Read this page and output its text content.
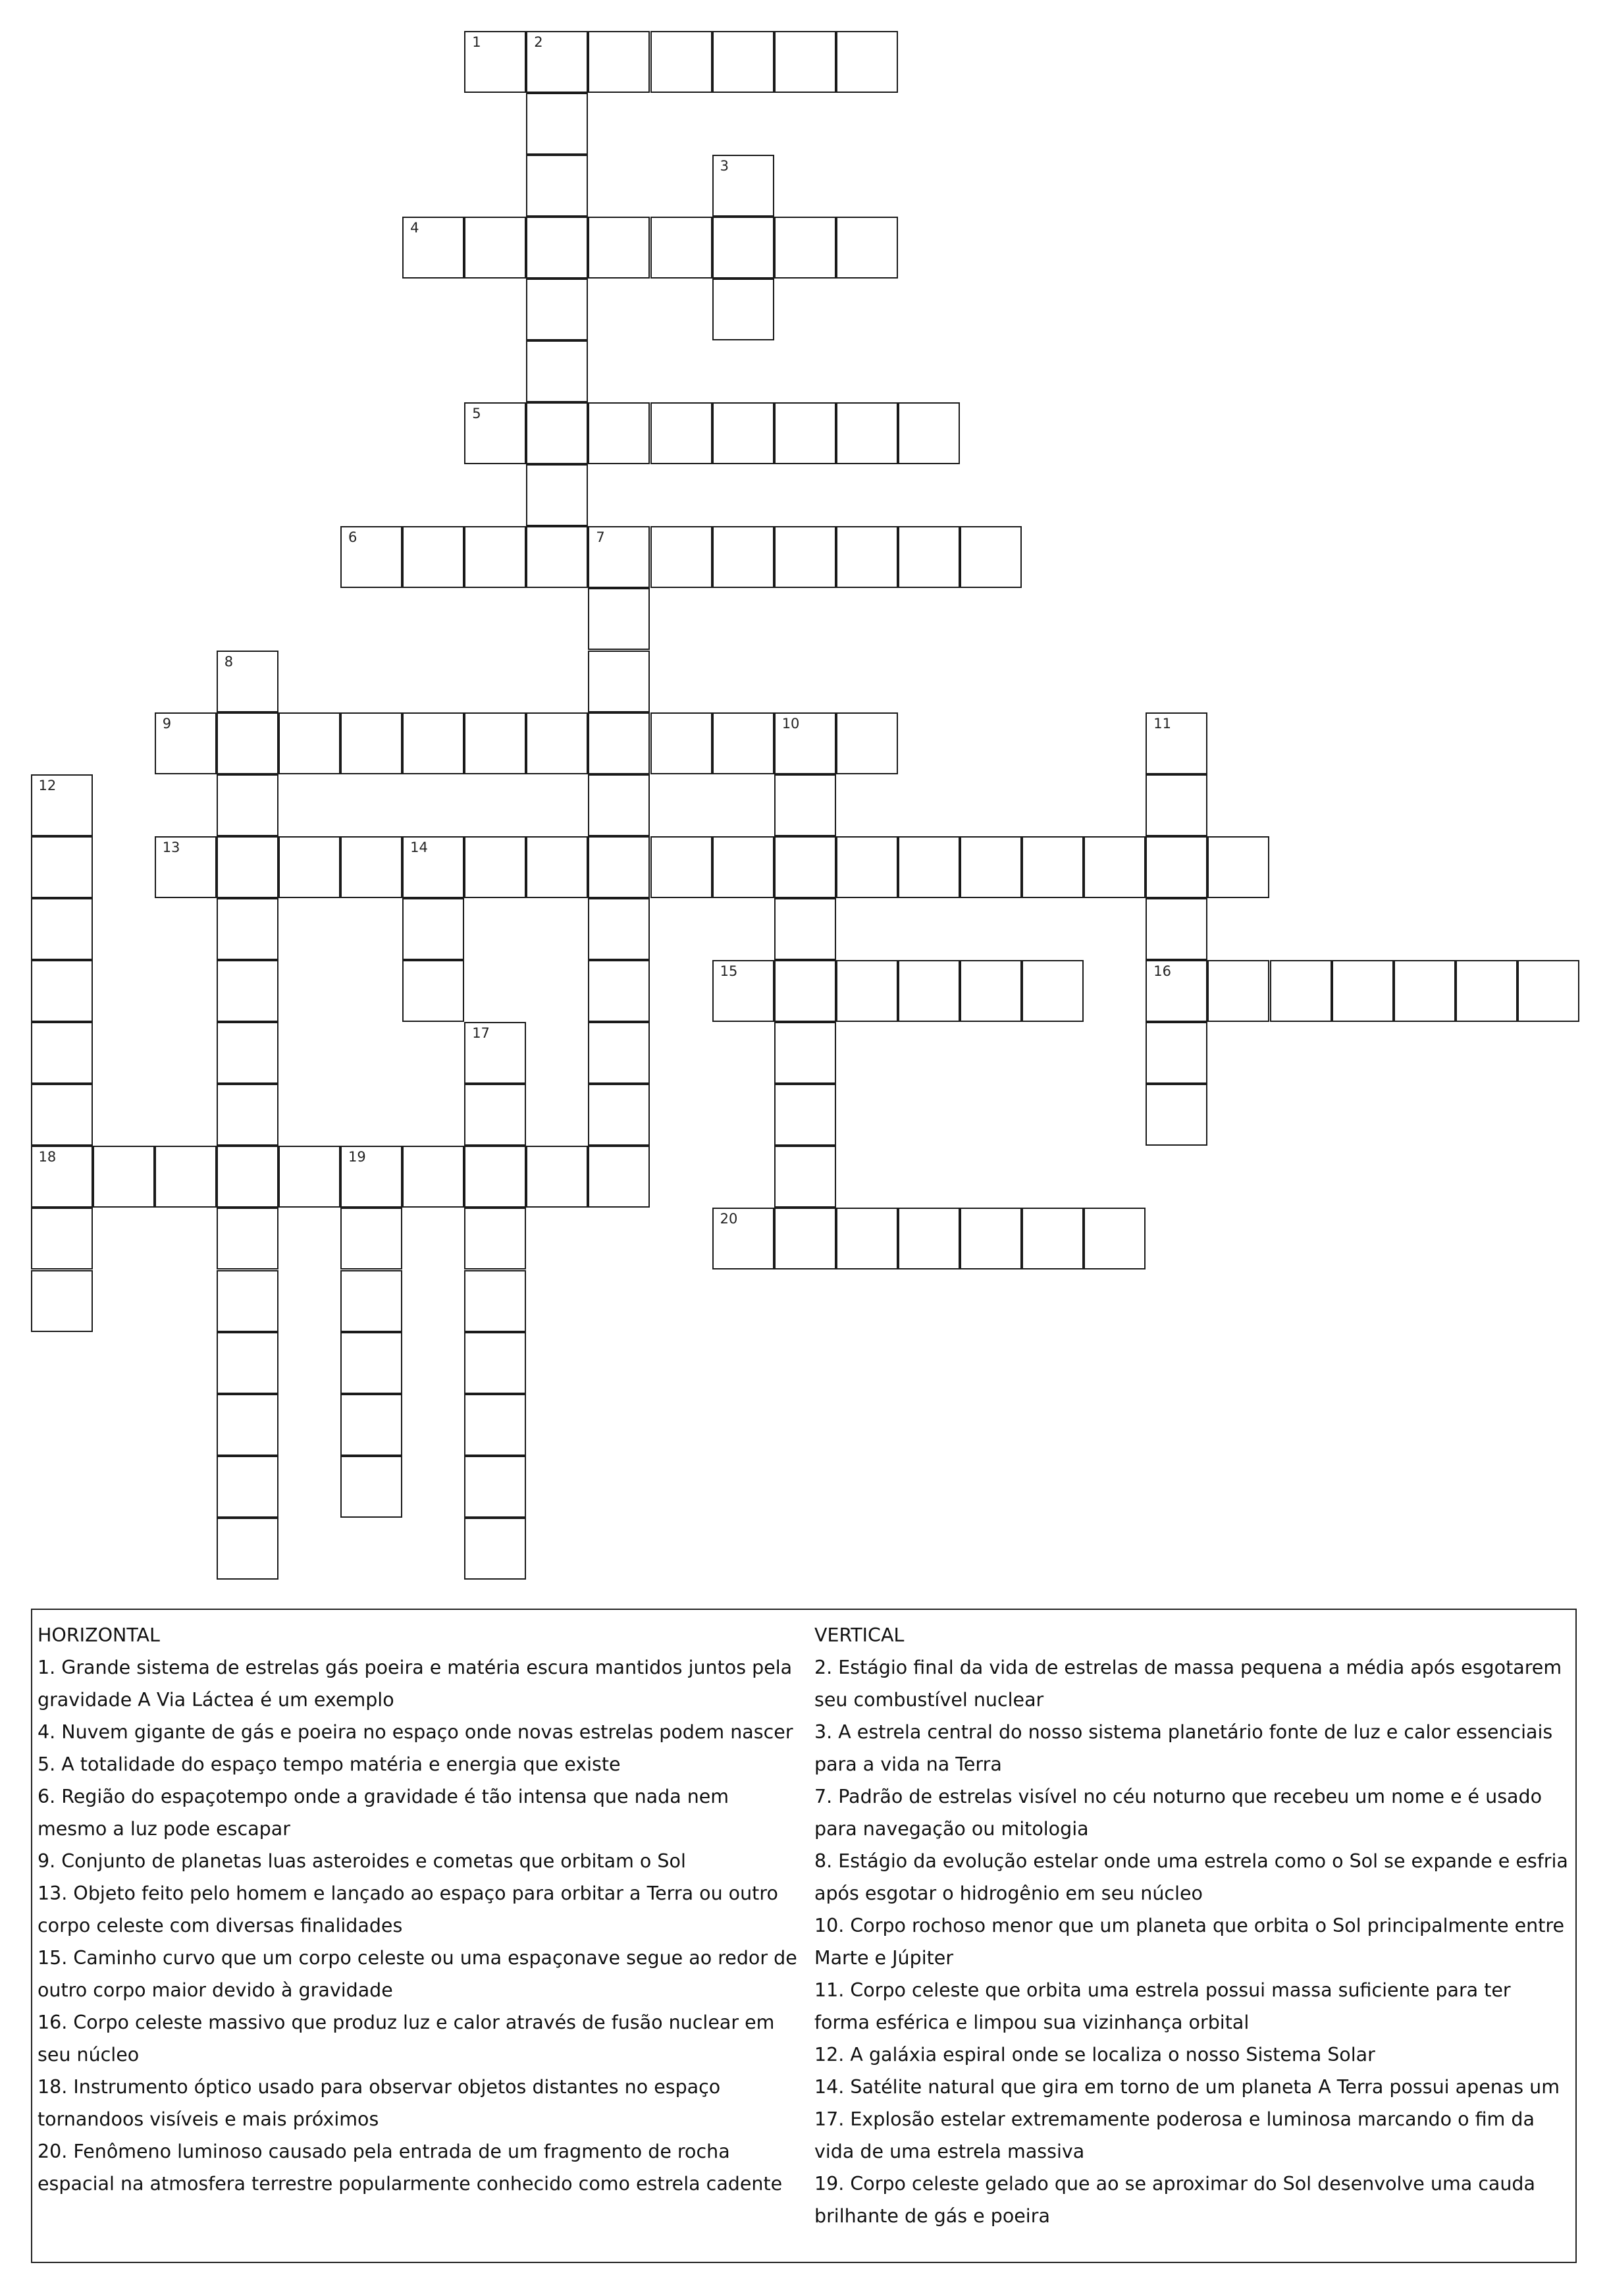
1	2
4
5
6	7
9	10
13	14
15	16
18	19
20
3
8
11
12
17
HORIZONTAL
1. Grande sistema de estrelas gás poeira e matéria escura mantidos juntos pela gravidade A Via Láctea é um exemplo
4. Nuvem gigante de gás e poeira no espaço onde novas estrelas podem nascer
5. A totalidade do espaço tempo matéria e energia que existe
6. Região do espaçotempo onde a gravidade é tão intensa que nada nem mesmo a luz pode escapar
9. Conjunto de planetas luas asteroides e cometas que orbitam o Sol
13. Objeto feito pelo homem e lançado ao espaço para orbitar a Terra ou outro corpo celeste com diversas finalidades
15. Caminho curvo que um corpo celeste ou uma espaçonave segue ao redor de outro corpo maior devido à gravidade
16. Corpo celeste massivo que produz luz e calor através de fusão nuclear em seu núcleo
18. Instrumento óptico usado para observar objetos distantes no espaço tornandoos visíveis e mais próximos
20. Fenômeno luminoso causado pela entrada de um fragmento de rocha espacial na atmosfera terrestre popularmente conhecido como estrela cadente
VERTICAL
2. Estágio final da vida de estrelas de massa pequena a média após esgotarem seu combustível nuclear
3. A estrela central do nosso sistema planetário fonte de luz e calor essenciais para a vida na Terra
7. Padrão de estrelas visível no céu noturno que recebeu um nome e é usado para navegação ou mitologia
8. Estágio da evolução estelar onde uma estrela como o Sol se expande e esfria após esgotar o hidrogênio em seu núcleo
10. Corpo rochoso menor que um planeta que orbita o Sol principalmente entre Marte e Júpiter
11. Corpo celeste que orbita uma estrela possui massa suficiente para ter forma esférica e limpou sua vizinhança orbital
12. A galáxia espiral onde se localiza o nosso Sistema Solar
14. Satélite natural que gira em torno de um planeta A Terra possui apenas um
17. Explosão estelar extremamente poderosa e luminosa marcando o fim da vida de uma estrela massiva
19. Corpo celeste gelado que ao se aproximar do Sol desenvolve uma cauda brilhante de gás e poeira
